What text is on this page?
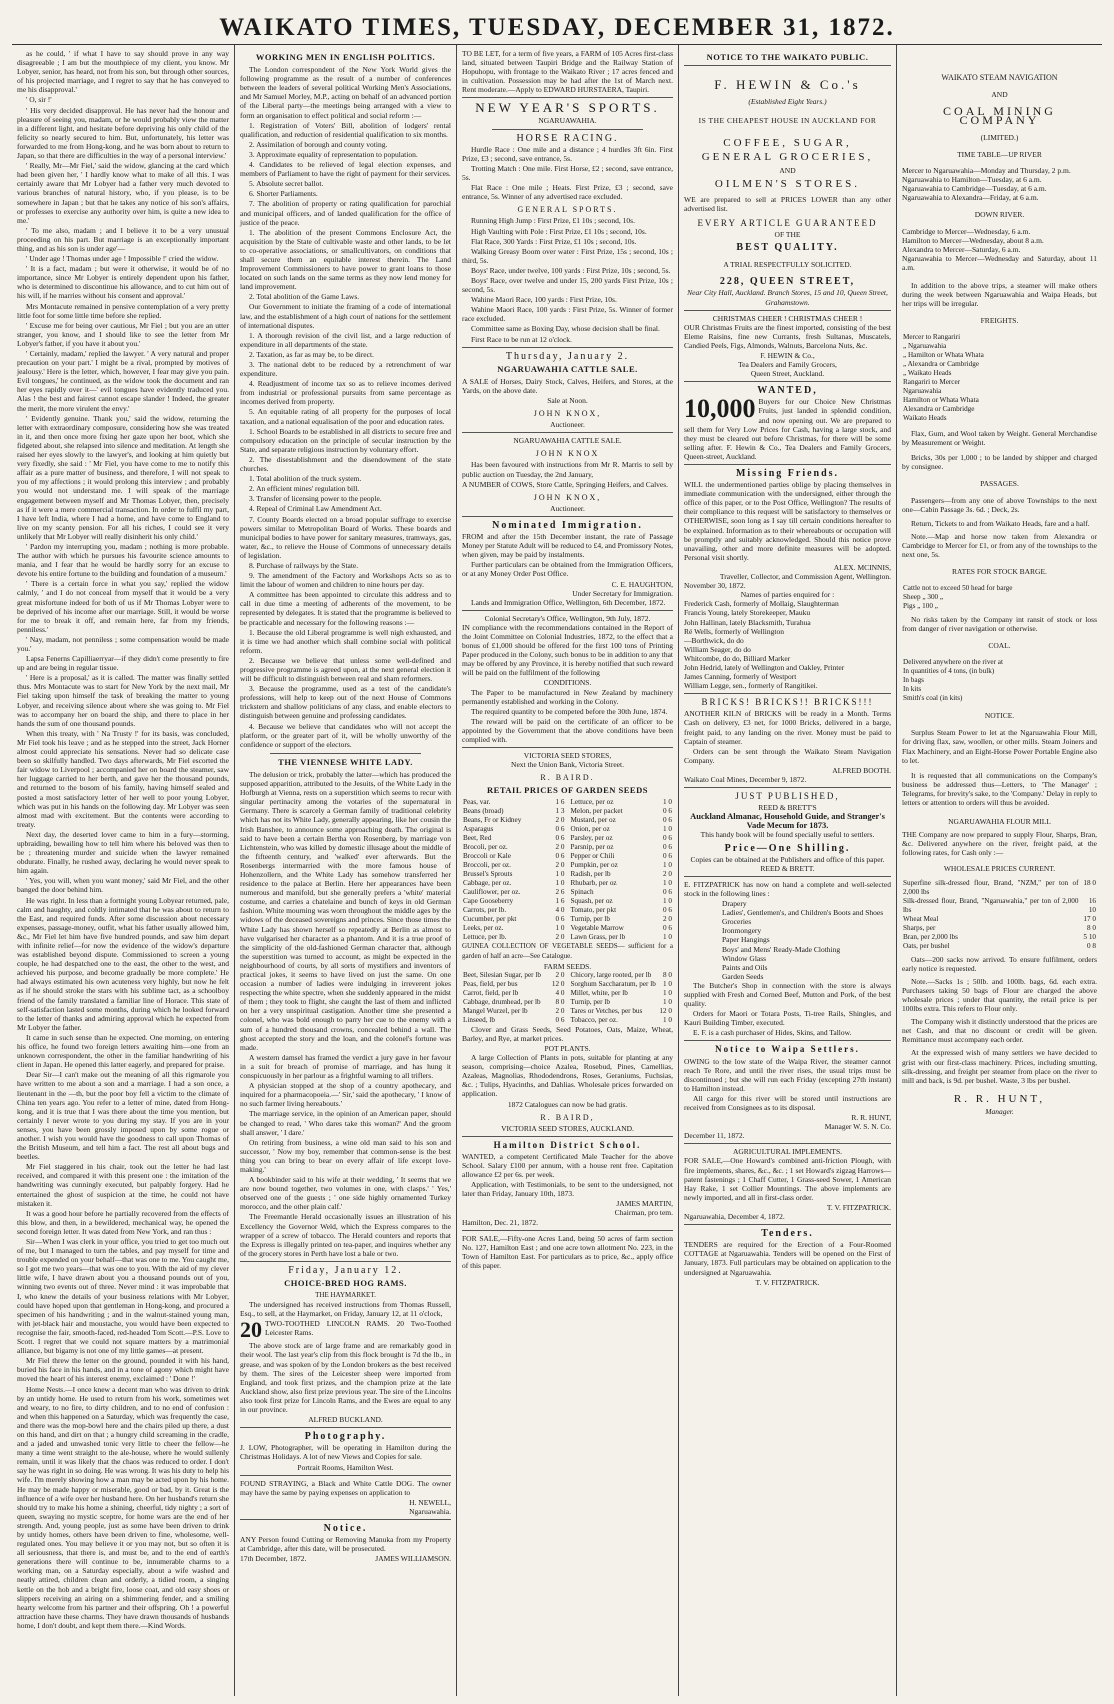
WAIKATO TIMES, TUESDAY, DECEMBER 31, 1872.

as he could, ' if what I have to say should prove in any way disagreeable ; I am but the mouthpiece of my client, you know. Mr Lobyer, senior, has heard, not from his son, but through other sources, of his projected marriage, and I regret to say that he has conveyed to me his disapproval.'

' O, sir !'

' His very decided disapproval. He has never had the honour and pleasure of seeing you, madam, or he would probably view the matter in a different light, and hesitate before depriving his only child of the felicity so nearly secured to him. But, unfortunately, his letter was forwarded to me from Hong-kong, and he was born about to return to Japan, so that there are difficulties in the way of a personal interview.'

' Really, Mr—Mr Fiel,' said the widow, glancing at the card which had been given her, ' I hardly know what to make of all this. I was certainly aware that Mr Lobyer had a father very much devoted to various branches of natural history, who, if you please, is to be somewhere in Japan ; but that he takes any notice of his son's affairs, or professes to exercise any authority over him, is quite a new idea to me.'

' To me also, madam ; and I believe it to be a very unusual proceeding on his part. But marriage is an exceptionally important thing, and as his son is under age'—

' Under age ! Thomas under age ! Impossible !' cried the widow.

' It is a fact, madam ; but were it otherwise, it would be of no importance, since Mr Lobyer is entirely dependent upon his father, who is determined to discontinue his allowance, and to cut him out of his will, if he marries without his consent and approval.'

Mrs Montacute remained in pensive contemplation of a very pretty little foot for some little time before she replied.

' Excuse me for being over cautious, Mr Fiel ; but you are an utter stranger, you know, and I should like to see the letter from Mr Lobyer's father, if you have it about you.'

' Certainly, madam,' replied the lawyer. ' A very natural and proper precaution on your part.' I might be a rival, prompted by motives of jealousy.' Here is the letter, which, however, I fear may give you pain. Evil tongues,' he continued, as the widow took the document and ran her eyes rapidly over it—' evil tongues have evidently traduced you. Alas ! the best and fairest cannot escape slander ! Indeed, the greater the merit, the more virulent the envy.'

' Evidently genuine. Thank you,' said the widow, returning the letter with extraordinary composure, considering how she was treated in it, and then once more fixing her gaze upon her boot, which she fidgeted about, she relapsed into silence and meditation. At length she raised her eyes slowly to the lawyer's, and looking at him quietly but very fixedly, she said : ' Mr Fiel, you have come to me to notify this affair as a pure matter of business, and therefore, I will not speak to you of my affections ; it would prolong this interview ; and probably you would not understand me. I will speak of the marriage engagement between myself and Mr Thomas Lobyer, then, precisely as if it were a mere commercial transaction. In order to fulfil my part, I have left India, where I had a home, and have come to England to live on my scanty pension. For all his riches, I could see it very unlikely that Mr Lobyer will really disinherit his only child.'

' Pardon my interrupting you, madam ; nothing is more probable. The author with which he pursues his favourite science amounts to mania, and I fear that he would be hardly sorry for an excuse to devote his entire fortune to the building and foundation of a museum.'

' There is a certain force in what you say,' replied the widow calmly, ' and I do not conceal from myself that it would be a very great misfortune indeed for both of us if Mr Thomas Lobyer were to be deprived of his income after our marriage. Still, it would be worse for me to break it off, and remain here, far from my friends, penniless.'

' Nay, madam, not penniless ; some compensation would be made you.'

Lapsa Fenerns Capilliaerryar—if they didn't come presently to fire up and are being in regular tissue.

' Here is a proposal,' as it is called. The matter was finally settled thus. Mrs Montacute was to start for New York by the next mail, Mr Fiel taking upon himself the task of breaking the matter to young Lobyer, and receiving silence about where she was going to. Mr Fiel was to accompany her on board the ship, and there to place in her hands the sum of one thousand pounds.

When this treaty, with ' Na Trusty !' for its basis, was concluded, Mr Fiel took his leave ; and as he stepped into the street, Jack Horner almost could appreciate his sensations. Never had so delicate case been so skilfully handled. Two days afterwards, Mr Fiel escorted the fair widow to Liverpool ; accompanied her on board the steamer, saw her luggage carried to her berth, and gave her the thousand pounds, and returned to the bosom of his family, having himself sealed and posted a most satisfactory letter of her well to poor young Lobyer, which was put in his hands on the following day. Mr Lobyer was seen almost mad with excitement. But the contents were according to treaty.

Next day, the deserted lover came to him in a fury—storming, upbraiding, bewailing how to tell him where his beloved was then to be ; threatening murder and suicide when the lawyer remained obdurate. Finally, he rushed away, declaring he would never speak to him again.

' Yes, you will, when you want money,' said Mr Fiel, and the other banged the door behind him.

He was right. In less than a fortnight young Lobyear returned, pale, calm and haughty, and coldly intimated that he was about to return to the East, and required funds. After some discussion about necessary expenses, passage-money, outfit, what his father usually allowed him, &c., Mr Fiel let him have five hundred pounds, and saw him depart with infinite relief—for now the evidence of the widow's departure was established beyond dispute. Commissioned to screen a young couple, he had despatched one to the east, the other to the west, and achieved his purpose, and become gradually be more complete.' He had always estimated his own acuteness very highly, but now he felt as if he should stroke the stars with his sublime tact, as a schoolboy friend of the family translated a familiar line of Horace. This state of self-satisfaction lasted some months, during which he looked forward to the letter of thanks and admiring approval which he expected from Mr Lobyer the father.

It came in such sense than he expected. One morning, on entering his office, he found two foreign letters awaiting him—one from an unknown correspondent, the other in the familiar handwriting of his client in Japan. He opened this latter eagerly, and prepared for praise.

Dear Sir—I can't make out the meaning of all this rigmarole you have written to me about a son and a marriage. I had a son once, a lieutenant in the —th, but the poor boy fell a victim to the climate of China ten years ago. You refer to a letter of mine, dated from Hong-kong, and it is true that I was there about the time you mention, but certainly I never wrote to you during my stay. If you are in your senses, you have been grossly imposed upon by some rogue or another. I wish you would have the goodness to call upon Thomas of the British Museum, and tell him a fact. The rest all about bugs and beetles.

Mr Fiel staggered in his chair, took out the letter he had last received, and compared it with this present one : the imitation of the handwriting was cunningly executed, but palpably forgery. Had he entertained the ghost of suspicion at the time, he could not have mistaken it.

It was a good hour before he partially recovered from the effects of this blow, and then, in a bewildered, mechanical way, he opened the second foreign letter. It was dated from New York, and ran thus :

Sir—When I was clerk in your office, you tried to get too much out of me, but I managed to turn the tables, and pay myself for time and trouble expended on your behalf—that was one to me. You caught me, so I got me two years—that was one to you. With the aid of my clever little wife, I have drawn about you a thousand pounds out of you, winning two events out of three. Never mind : it was improbable that I, who knew the details of your business relations with Mr Lobyer, could have hoped upon that gentleman in Hong-kong, and procured a specimen of his handwriting ; and in the walnut-stained young man, with jet-black hair and moustache, you would have been expected to recognise the fair, smooth-faced, red-headed Tom Scott.—P.S. Love to Scott. I regret that we could not square matters by a matrimonial alliance, but bigamy is not one of my little games—at present.

Mr Fiel threw the letter on the ground, pounded it with his hand, buried his face in his hands, and in a tone of agony which might have moved the heart of his interest enemy, exclaimed : ' Done !'

Home Nests.—I once knew a decent man who was driven to drink by an untidy home. He used to return from his work, sometimes wet and weary, to no fire, to dirty children, and to no end of confusion : and when this happened on a Saturday, which was frequently the case, and there was the mop-bowl here and the chairs piled up there, a dust on this hand, and dirt on that ; a hungry child screaming in the cradle, and a jaded and unwashed tonic very little to cheer the fellow—he many a time went straight to the ale-house, where he would sullenly remain, until it was likely that the chaos was reduced to order. I don't say he was right in so doing. He was wrong. It was his duty to help his wife. I'm merely showing how a man may be acted upon by his home. He may be made happy or miserable, good or bad, by it. Great is the influence of a wife over her husband here. On her husband's return she should try to make his home a shining, cheerful, tidy nighty ; a sort of queen, swaying no mystic sceptre, for home wars are the end of her strength. And, young people, just as some have been driven to drink by untidy homes, others have been driven to fine, wholesome, well-regulated ones. You may believe it or you may not, but so often it is all seriousness, that there is, and must be, and to the end of earth's generations there will continue to be, innumerable charms to a working man, on a Saturday especially, about a wife washed and neatly attired, children clean and orderly, a tidied room, a singing kettle on the hob and a bright fire, loose coat, and old easy shoes or slippers receiving an airing on a shimmering fender, and a smiling hearty welcome from his partner and their offspring. Oh ! a powerful attraction have these charms. They have drawn thousands of husbands home, I don't doubt, and kept them there.—Kind Words.

WORKING MEN IN ENGLISH POLITICS.

The London correspondent of the New York World gives the following programme as the result of a number of conferences between the leaders of several political Working Men's Associations, and Mr Samuel Morley, M.P., acting on behalf of an advanced portion of the Liberal party—the meetings being arranged with a view to form an organisation to effect political and social reform :—

1. Registration of Voters' Bill, abolition of lodgers' rental qualification, and reduction of residential qualification to six months.

2. Assimilation of borough and county voting.

3. Approximate equality of representation to population.

4. Candidates to be relieved of legal election expenses, and members of Parliament to have the right of payment for their services.

5. Absolute secret ballot.

6. Shorter Parliaments.

7. The abolition of property or rating qualification for parochial and municipal officers, and of landed qualification for the office of justice of the peace.

1. The abolition of the present Commons Enclosure Act, the acquisition by the State of cultivable waste and other lands, to be let to co-operative associations, or smallcultivators, on conditions that shall secure them an equitable interest therein. The Land Improvement Commissioners to have power to grant loans to those located on such lands on the same terms as they now lend money for land improvement.

2. Total abolition of the Game Laws.

Our Government to initiate the framing of a code of international law, and the establishment of a high court of nations for the settlement of international disputes.

1. A thorough revision of the civil list, and a large reduction of expenditure in all departments of the state.

2. Taxation, as far as may be, to be direct.

3. The national debt to be reduced by a retrenchment of war expenditure.

4. Readjustment of income tax so as to relieve incomes derived from industrial or professional pursuits from same percentage as incomes derived from property.

5. An equitable rating of all property for the purposes of local taxation, and a national equalisation of the poor and education rates.

1. School Boards to be established in all districts to secure free and compulsory education on the principle of secular instruction by the State, and separate religious instruction by voluntary effort.

2. The disestablishment and the disendowment of the state churches.

1. Total abolition of the truck system.

2. An efficient mines' regulation bill.

3. Transfer of licensing power to the people.

4. Repeal of Criminal Law Amendment Act.

7. County Boards elected on a broad popular suffrage to exercise powers similar to Metropolitan Board of Works. These boards and municipal bodies to have power for sanitary measures, tramways, gas, water, &c., to relieve the House of Commons of unnecessary details of legislation.

8. Purchase of railways by the State.

9. The amendment of the Factory and Workshops Acts so as to limit the labour of women and children to nine hours per day.

A committee has been appointed to circulate this address and to call in due time a meeting of adherents of the movement, to be represented by delegates. It is stated that the programme is believed to be practicable and necessary for the following reasons :—

1. Because the old Liberal programme is well nigh exhausted, and it is time we had another which shall combine social with political reform.

2. Because we believe that unless some well-defined and progressive programme is agreed upon, at the next general election it will be difficult to distinguish between real and sham reformers.

3. Because the programme, used as a test of the candidate's professions, will help to keep out of the next House of Commons trickstern and shallow politicians of any class, and enable electors to distinguish between genuine and professing candidates.

4. Because we believe that candidates who will not accept the platform, or the greater part of it, will be wholly unworthy of the confidence or support of the electors.

THE VIENNESE WHITE LADY.

The delusion or trick, probably the latter—which has produced the supposed apparition, attributed to the Jesuits, of the White Lady in the Hofburgh at Vienna, rests on a superstition which seems to recur with singular pertinacity among the votaries of the supernatural in Germany. There is scarcely a German family of traditional celebrity which has not its White Lady, generally appearing, like her cousin the Irish Banshee, to announce some approaching death. The original is said to have been a certain Bertha von Rosenberg, by marriage von Lichtenstein, who was killed by domestic illusage about the middle of the fifteenth century, and 'walked' ever afterwards. But the Rosenbergs intermarried with the more famous house of Hohenzollern, and the White Lady has somehow transferred her residence to the palace at Berlin. Here her appearances have been numerous and manifold, but she generally prefers a 'white' material costume, and carries a chatelaine and bunch of keys in old German fashion. White mourning was worn throughout the middle ages by the widows of the deceased sovereigns and princes. Since those times the White Lady has shown herself so repeatedly at Berlin as almost to have vulgarised her character as a phantom. And it is a true proof of the simplicity of the old-fashioned German character that, although the superstition was turned to account, as might be expected in the neighbourhood of courts, by all sorts of mystifiers and inventors of practical jokes, it seems to have lived on just the same. On one occasion a number of ladies were indulging in irreverent jokes respecting the white spectre, when she suddenly appeared in the midst of them ; they took to flight, she caught the last of them and inflicted on her a very unspiritual castigation. Another time she presented a colonel, who was bold enough to parry her cue to the enemy with a sum of a hundred thousand crowns, concealed behind a wall. The ghost accepted the story and the loan, and the colonel's fortune was made.

A western damsel has framed the verdict a jury gave in her favour in a suit for breach of promise of marriage, and has hung it conspicuously in her parlour as a frightful warning to all triflers.

A physician stopped at the shop of a country apothecary, and inquired for a pharmacopoeia.—' Sir,' said the apothecary, ' I know of no such farmer living hereabouts.'

The marriage service, in the opinion of an American paper, should be changed to read, ' Who dares take this woman?' And the groom shall answer, ' I dare.'

On retiring from business, a wine old man said to his son and successor, ' Now my boy, remember that common-sense is the best thing you can bring to bear on every affair of life except love-making.'

A bookbinder said to his wife at their wedding, ' It seems that we are now bound together, two volumes in one, with clasps.' ' Yes,' observed one of the guests ; ' one side highly ornamented Turkey morocco, and the other plain calf.'

The Freemantle Herald occasionally issues an illustration of his Excellency the Governor Weld, which the Express compares to the wrapper of a screw of tobacco. The Herald counters and reports that the Express is illegally printed on tea-paper, and inquires whether any of the grocery stores in Perth have lost a bale or two.

Friday, January 12.
CHOICE-BRED HOG RAMS.
THE HAYMARKET.

The undersigned has received instructions from Thomas Russell, Esq., to sell, at the Haymarket, on Friday, January 12, at 11 o'clock,

20 TWO-TOOTHED LINCOLN RAMS. 20 Two-Toothed Leicester Rams.

The above stock are of large frame and are remarkably good in their wool. The last year's clip from this flock brought is 7d the lb., in grease, and was spoken of by the London brokers as the best received by them. The sires of the Leicester sheep were imported from England, and took first prizes, and the champion prize at the late Auckland show, also first prize previous year. The sire of the Lincolns also took first prize for Lincoln Rams, and the Ewes are equal to any in our province.

ALFRED BUCKLAND.
Photography.

J. LOW, Photographer, will be operating in Hamilton during the Christmas Holidays. A lot of new Views and Copies for sale.

Portrait Rooms, Hamilton West.

FOUND STRAYING, a Black and White Cattle DOG. The owner may have the same by paying expenses on application to

H. NEWELL,
Ngaruawahia.
Notice.

ANY Person found Cutting or Removing Manuka from my Property at Cambridge, after this date, will be prosecuted.

17th December, 1872.	JAMES WILLIAMSON.

TO BE LET, for a term of five years, a FARM of 105 Acres first-class land, situated between Taupiri Bridge and the Railway Station of Hopuhopu, with frontage to the Waikato River ; 17 acres fenced and in cultivation. Possession may be had after the 1st of March next. Rent moderate.—Apply to EDWARD HURSTAERA, Taupiri.

NEW YEAR'S SPORTS.
NGARUAWAHIA.
HORSE RACING.

Hurdle Race : One mile and a distance ; 4 hurdles 3ft 6in. First Prize, £3 ; second, save entrance, 5s.

Trotting Match : One mile. First Horse, £2 ; second, save entrance, 5s.

Flat Race : One mile ; Heats. First Prize, £3 ; second, save entrance, 5s. Winner of any advertised race excluded.

GENERAL SPORTS.

Running High Jump : First Prize, £1 10s ; second, 10s.

High Vaulting with Pole : First Prize, £1 10s ; second, 10s.

Flat Race, 300 Yards : First Prize, £1 10s ; second, 10s.

Walking Greasy Boom over water : First Prize, 15s ; second, 10s ; third, 5s.

Boys' Race, under twelve, 100 yards : First Prize, 10s ; second, 5s.

Boys' Race, over twelve and under 15, 200 yards First Prize, 10s ; second, 5s.

Wahine Maori Race, 100 yards : First Prize, 10s.

Wahine Maori Race, 100 yards : First Prize, 5s. Winner of former race excluded.

Committee same as Boxing Day, whose decision shall be final.

First Race to be run at 12 o'clock.

Thursday, January 2.
NGARUAWAHIA CATTLE SALE.

A SALE of Horses, Dairy Stock, Calves, Heifers, and Stores, at the Yards, on the above date.

Sale at Noon.
JOHN KNOX,
Auctioneer.
NGARUAWAHIA CATTLE SALE.
JOHN KNOX

Has been favoured with instructions from Mr R. Marris to sell by public auction on Tuesday, the 2nd January,

A NUMBER of COWS, Store Cattle, Springing Heifers, and Calves.

JOHN KNOX,
Auctioneer.
Nominated Immigration.

FROM and after the 15th December instant, the rate of Passage Money per Statute Adult will be reduced to £4, and Promissory Notes, when given, may be paid by instalments.

Further particulars can be obtained from the Immigration Officers, or at any Money Order Post Office.

C. E. HAUGHTON,
Under Secretary for Immigration.

Lands and Immigration Office, Wellington, 6th December, 1872.

Colonial Secretary's Office, Wellington, 9th July, 1872.

IN compliance with the recommendations contained in the Report of the Joint Committee on Colonial Industries, 1872, to the effect that a bonus of £1,000 should be offered for the first 100 tons of Printing Paper produced in the Colony, such bonus to be in addition to any that may be offered by any Province, it is hereby notified that such reward will be paid on the fulfilment of the following

CONDITIONS.

The Paper to be manufactured in New Zealand by machinery permanently established and working in the Colony.

The required quantity to be competed before the 30th June, 1874.

The reward will be paid on the certificate of an officer to be appointed by the Government that the above conditions have been complied with.

VICTORIA SEED STORES,
Next the Union Bank, Victoria Street.
R. BAIRD.
RETAIL PRICES OF GARDEN SEEDS
Peas, var.	1 6
Beans (broad)	1 3
Beans, Fr or Kidney	2 0
Asparagus	0 6
Beet, Red	0 6
Brocoli, per oz.	2 0
Broccoli or Kale	0 6
Broccoli, per oz.	2 0
Brussel's Sprouts	1 0
Cabbage, per oz.	1 0
Cauliflower, per oz.	2 6
Cape Gooseberry	1 6
Carrots, per lb.	4 0
Cucumber, per pkt	0 6
Leeks, per oz.	1 0
Lettuce, per lb.	2 0
Lettuce, per oz	1 0
Melon, per packet	0 6
Mustard, per oz	0 6
Onion, per oz	1 0
Parsley, per oz	0 6
Parsnip, per oz	0 6
Pepper or Chili	0 6
Pumpkin, per oz	1 0
Radish, per lb	2 0
Rhubarb, per oz	1 0
Spinach	0 6
Squash, per oz	1 0
Tomato, per pkt	0 6
Turnip, per lb	2 0
Vegetable Marrow	0 6
Lawn Grass, per lb	1 0

GUINEA COLLECTION OF VEGETABLE SEEDS— sufficient for a garden of half an acre—See Catalogue.

FARM SEEDS.
Beet, Silesian Sugar, per lb	2 0
Peas, field, per bus	12 0
Carrot, field, per lb	4 0
Cabbage, drumhead, per lb	8 0
Mangel Wurzel, per lb	2 0
Linseed, lb	0 6
Chicory, large rooted, per lb	8 0
Sorghum Saccharatum, per lb	1 0
Millet, white, per lb	1 0
Turnip, per lb	1 0
Tares or Vetches, per bus	12 0
Tobacco, per oz.	1 0

Clover and Grass Seeds, Seed Potatoes, Oats, Maize, Wheat, Barley, and Rye, at market prices.

POT PLANTS.

A large Collection of Plants in pots, suitable for planting at any season, comprising—choice Azalea, Rosebud, Pines, Camellias, Azaleas, Magnolias, Rhododendrons, Roses, Geraniums, Fuchsias, &c. ; Tulips, Hyacinths, and Dahlias. Wholesale prices forwarded on application.

1872 Catalogues can now be had gratis.
R. BAIRD,
VICTORIA SEED STORES, AUCKLAND.
Hamilton District School.

WANTED, a competent Certificated Male Teacher for the above School. Salary £100 per annum, with a house rent free. Capitation allowance £2 per 6s. per week.

Application, with Testimonials, to be sent to the undersigned, not later than Friday, January 10th, 1873.

JAMES MARTIN,
Chairman, pro tem.
Hamilton, Dec. 21, 1872.

FOR SALE,—Fifty-one Acres Land, being 50 acres of farm section No. 127, Hamilton East ; and one acre town allotment No. 223, in the Town of Hamilton East. For particulars as to price, &c., apply office of this paper.

NOTICE TO THE WAIKATO PUBLIC.
F. HEWIN & Co.'s
(Established Eight Years.)
IS THE CHEAPEST HOUSE IN AUCKLAND FOR
COFFEE, SUGAR,
GENERAL GROCERIES,
AND
OILMEN'S STORES.

WE are prepared to sell at PRICES LOWER than any other advertised list.

EVERY ARTICLE GUARANTEED
OF THE
BEST QUALITY.
A TRIAL RESPECTFULLY SOLICITED.
228, QUEEN STREET,
Near City Hall, Auckland. Branch Stores, 15 and 10, Queen Street, Grahamstown.
CHRISTMAS CHEER ! CHRISTMAS CHEER !

OUR Christmas Fruits are the finest imported, consisting of the best Eleme Raisins, fine new Currants, fresh Sultanas, Muscatels, Candied Peels, Figs, Almonds, Walnuts, Barcelona Nuts, &c.

F. HEWIN & Co.,
Tea Dealers and Family Grocers,
Queen Street, Auckland.
WANTED,
10,000 Buyers for our Choice New Christmas Fruits, just landed in splendid condition, and now opening out. We are prepared to sell them for Very Low Prices for Cash, having a large stock, and they must be cleared out before Christmas, for there will be some selling after. F. Hewin & Co., Tea Dealers and Family Grocers, Queen-street, Auckland.
Missing Friends.

WILL the undermentioned parties oblige by placing themselves in immediate communication with the undersigned, either through the office of this paper, or to the Post Office, Wellington? The results of their compliance to this request will be satisfactory to themselves or OTHERWISE, soon long as I say till certain conditions hereafter to be explained. Information as to their whereabouts or occupation will be promptly and suitably acknowledged. Should this notice prove unavailing, other and more definite measures will be adopted. Personal visit shortly.

ALEX. MCINNIS,
Traveller, Collector, and Commission Agent, Wellington.
November 30, 1872.
Names of parties enquired for :
Frederick Cash, formerly of Mollaig, Slaughterman
Francis Young, lately Storekeeper, Mauku
John Hallinan, lately Blacksmith, Turahua
Ré Wells, formerly of Wellington
—Borthwick, do do
William Seager, do do
Whitcombe, do do, Billiard Marker
John Hedrid, lately of Wellington and Oakley, Printer
James Canning, formerly of Westport
William Legge, sen., formerly of Rangitikei.
BRICKS! BRICKS!! BRICKS!!!

ANOTHER KILN of BRICKS will be ready in a Month. Terms Cash on delivery, £3 net, for 1000 Bricks, delivered in a barge, freight paid, to any landing on the river. Money must be paid to Captain of steamer.

Orders can be sent through the Waikato Steam Navigation Company.

ALFRED BOOTH.
Waikato Coal Mines, December 9, 1872.
JUST PUBLISHED,
REED & BRETT'S
Auckland Almanac, Household Guide, and Stranger's Vade Mecum for 1873.
This handy book will be found specially useful to settlers.
Price—One Shilling.
Copies can be obtained at the Publishers and office of this paper.
REED & BRETT.

E. FITZPATRICK has now on hand a complete and well-selected stock in the following lines :

Drapery
Ladies', Gentlemen's, and Children's Boots and Shoes
Groceries
Ironmongery
Paper Hangings
Boys' and Mens' Ready-Made Clothing
Window Glass
Paints and Oils
Garden Seeds

The Butcher's Shop in connection with the store is always supplied with Fresh and Corned Beef, Mutton and Pork, of the best quality.

Orders for Maori or Totara Posts, Ti-tree Rails, Shingles, and Kauri Building Timber, executed.

E. F. is a cash purchaser of Hides, Skins, and Tallow.

Notice to Waipa Settlers.

OWING to the low state of the Waipa River, the steamer cannot reach Te Rore, and until the river rises, the usual trips must be discontinued ; but she will run each Friday (excepting 27th instant) to Hamilton instead.

All cargo for this river will be stored until instructions are received from Consignees as to its disposal.

R. R. HUNT,
Manager W. S. N. Co.
December 11, 1872.
AGRICULTURAL IMPLEMENTS.

FOR SALE,—One Howard's combined anti-friction Plough, with fire implements, shares, &c., &c. ; 1 set Howard's zigzag Harrows—patent fastenings ; 1 Chaff Cutter, 1 Grass-seed Sower, 1 American Hay Rake, 1 set Collier Mountings. The above implements are newly imported, and all in first-class order.

T. V. FITZPATRICK.
Ngaruawahia, December 4, 1872.
Tenders.

TENDERS are required for the Erection of a Four-Roomed COTTAGE at Ngaruawahia. Tenders will be opened on the First of January, 1873. Full particulars may be obtained on application to the undersigned at Ngaruawahia.

T. V. FITZPATRICK.
WAIKATO STEAM NAVIGATION
AND
COAL MINING COMPANY
(LIMITED.)
TIME TABLE—UP RIVER
Mercer to Ngaruawahia—Monday and Thursday, 2 p.m.
Ngaruawahia to Hamilton—Tuesday, at 6 a.m.
Ngaruawahia to Cambridge—Tuesday, at 6 a.m.
Ngaruawahia to Alexandra—Friday, at 6 a.m.
DOWN RIVER.
Cambridge to Mercer—Wednesday, 6 a.m.
Hamilton to Mercer—Wednesday, about 8 a.m.
Alexandra to Mercer—Saturday, 6 a.m.
Ngaruawahia to Mercer—Wednesday and Saturday, about 11 a.m.

In addition to the above trips, a steamer will make others during the week between Ngaruawahia and Waipa Heads, but her trips will be irregular.

FREIGHTS.
Mercer to Rangariri	
„ Ngaruawahia	
„ Hamilton or Whata Whata	
„ Alexandra or Cambridge	
„ Waikato Heads	
Rangariri to Mercer	
Ngaruawahia	
Hamilton or Whata Whata	
Alexandra or Cambridge	
Waikato Heads	

Flax, Gum, and Wool taken by Weight. General Merchandise by Measurement or Weight.

Bricks, 30s per 1,000 ; to be landed by shipper and charged by consignee.

PASSAGES.

Passengers—from any one of above Townships to the next one—Cabin Passage 3s. 6d. ; Deck, 2s.

Return, Tickets to and from Waikato Heads, fare and a half.

Note.—Map and horse now taken from Alexandra or Cambridge to Mercer for £1, or from any of the townships to the next one, 5s.

RATES FOR STOCK BARGE.
Cattle not to exceed 50 head for barge	
Sheep „ 300 „	
Pigs „ 100 „	

No risks taken by the Company int ransit of stock or loss from danger of river navigation or otherwise.

COAL.
Delivered anywhere on the river at	
In quantities of 4 tons, (in bulk)	
In bags	
In kits	
Smith's coal (in kits)	
NOTICE.

Surplus Steam Power to let at the Ngaruawahia Flour Mill, for driving flax, saw, woollen, or other mills. Steam Joiners and Flax Machinery, and an Eight-Horse Power Portable Engine also to let.

It is requested that all communications on the Company's business be addressed thus—Letters, to 'The Manager' ; Telegrams, for brevity's sake, to the 'Company.' Delay in reply to letters or attention to orders will thus be avoided.

NGARUAWAHIA FLOUR MILL

THE Company are now prepared to supply Flour, Sharps, Bran, &c. Delivered anywhere on the river, freight paid, at the following rates, for Cash only :—

WHOLESALE PRICES CURRENT.
Superfine silk-dressed flour, Brand, "NZM," per ton of 2,000 lbs	18 0
Silk-dressed flour, Brand, "Ngaruawahia," per ton of 2,000 lbs	16 10
Wheat Meal	17 0
Sharps, per	8 0
Bran, per 2,000 lbs	5 10
Oats, per bushel	0 8

Oats—200 sacks now arrived. To ensure fulfilment, orders early notice is requested.

Note.—Sacks 1s ; 50lb. and 100lb. bags, 6d. each extra. Purchasers taking 50 bags of Flour are charged the above wholesale prices ; under that quantity, the retail price is per 100lbs extra. This refers to Flour only.

The Company wish it distinctly understood that the prices are net Cash, and that no discount or credit will be given. Remittance must accompany each order.

At the expressed wish of many settlers we have decided to grist with our first-class machinery. Prices, including smutting, silk-dressing, and freight per steamer from place on the river to mill and back, is 9d. per bushel. Waste, 3 lbs per bushel.

R. R. HUNT,
Manager.
